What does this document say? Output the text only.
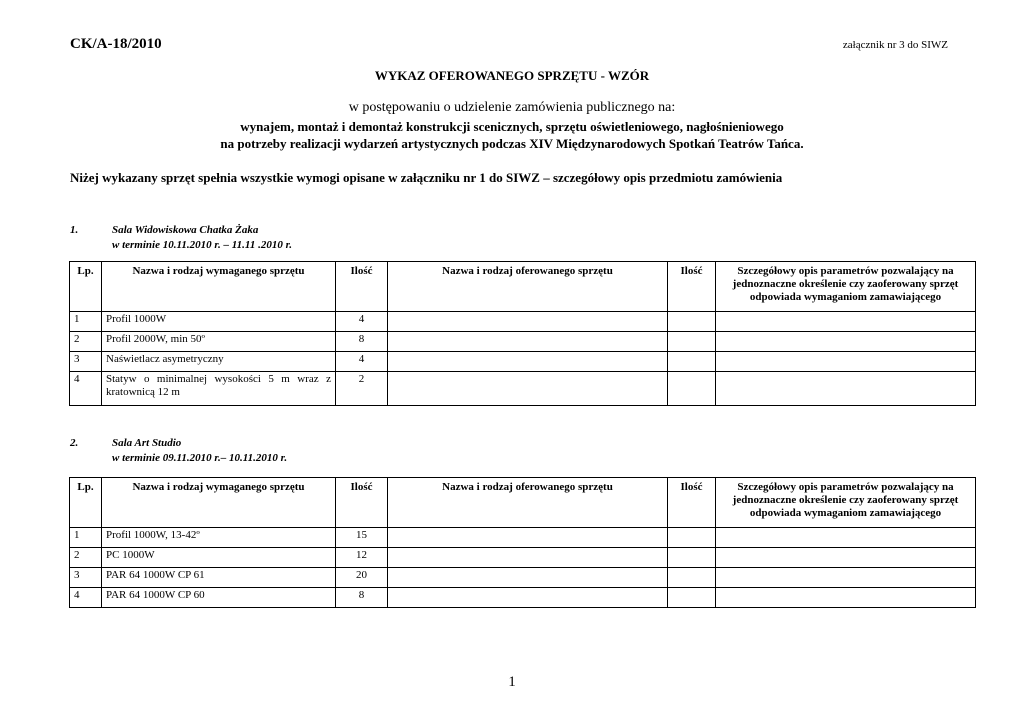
CK/A-18/2010	załącznik nr 3 do SIWZ
WYKAZ OFEROWANEGO SPRZĘTU - WZÓR
w postępowaniu o udzielenie zamówienia publicznego na:
wynajem, montaż i demontaż konstrukcji scenicznych, sprzętu oświetleniowego, nagłośnieniowego
na potrzeby realizacji wydarzeń artystycznych podczas XIV Międzynarodowych Spotkań Teatrów Tańca.
Niżej wykazany sprzęt spełnia wszystkie wymogi opisane w załączniku nr 1 do SIWZ – szczegółowy opis przedmiotu zamówienia
1.	Sala Widowiskowa Chatka Żaka
w terminie 10.11.2010 r. – 11.11 .2010 r.
Lp.	Nazwa i rodzaj wymaganego sprzętu	Ilość	Nazwa i rodzaj oferowanego sprzętu	Ilość	Szczegółowy opis parametrów pozwalający na jednoznaczne określenie czy zaoferowany sprzęt odpowiada wymaganiom zamawiającego
1	Profil 1000W	4			
2	Profil 2000W, min 50º	8			
3	Naświetlacz asymetryczny	4			
4	Statyw o minimalnej wysokości 5 m wraz z kratownicą 12 m	2			
2.	Sala Art Studio
w terminie 09.11.2010 r.– 10.11.2010 r.
Lp.	Nazwa i rodzaj wymaganego sprzętu	Ilość	Nazwa i rodzaj oferowanego sprzętu	Ilość	Szczegółowy opis parametrów pozwalający na jednoznaczne określenie czy zaoferowany sprzęt odpowiada wymaganiom zamawiającego
1	Profil 1000W, 13-42º	15			
2	PC 1000W	12			
3	PAR 64 1000W CP 61	20			
4	PAR 64 1000W CP 60	8			
1
